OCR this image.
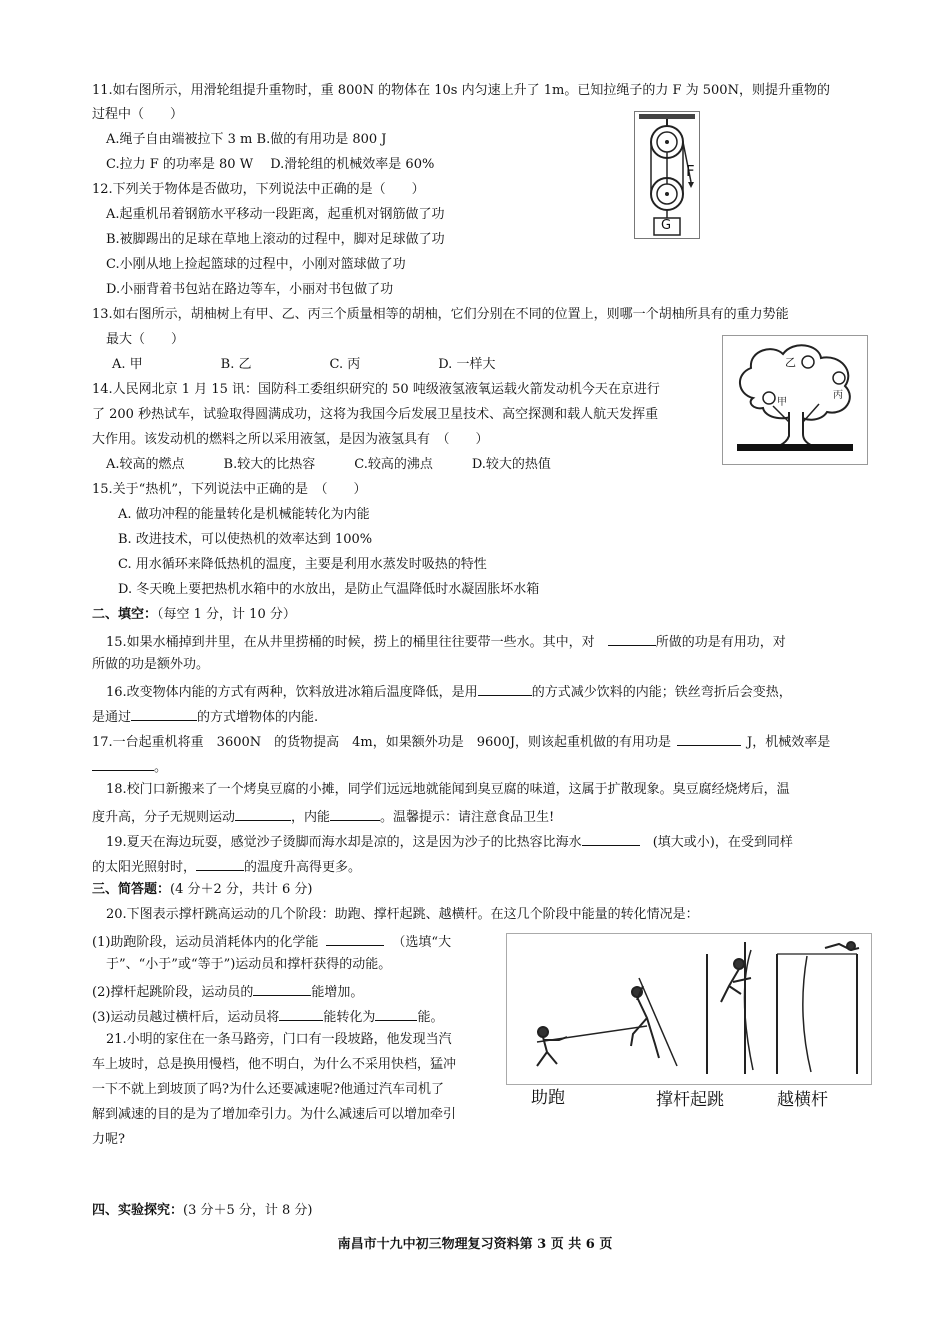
11.如右图所示，用滑轮组提升重物时，重 800N 的物体在 10s 内匀速上升了 1m。已知拉绳子的力 F 为 500N，则提升重物的
过程中（　　）
A.绳子自由端被拉下 3 m B.做的有用功是 800 J
C.拉力 F 的功率是 80 W　 D.滑轮组的机械效率是 60%	F
G
12.下列关于物体是否做功，下列说法中正确的是（　　）
A.起重机吊着钢筋水平移动一段距离，起重机对钢筋做了功
B.被脚踢出的足球在草地上滚动的过程中，脚对足球做了功
C.小刚从地上捡起篮球的过程中，小刚对篮球做了功
D.小丽背着书包站在路边等车，小丽对书包做了功
13.如右图所示，胡柚树上有甲、乙、丙三个质量相等的胡柚，它们分别在不同的位置上，则哪一个胡柚所具有的重力势能
最大（　　）
A. 甲　　　　　　B. 乙　　　　　　C. 丙　　　　　　D. 一样大	乙
甲
丙
14.人民网北京 1 月 15 讯：国防科工委组织研究的 50 吨级液氢液氧运载火箭发动机今天在京进行
了 200 秒热试车，试验取得圆满成功，这将为我国今后发展卫星技术、高空探测和载人航天发挥重
大作用。该发动机的燃料之所以采用液氢，是因为液氢具有　（　　）
A.较高的燃点　　　B.较大的比热容　　　C.较高的沸点　　　D.较大的热值
15.关于“热机”，下列说法中正确的是　（　　）
A. 做功冲程的能量转化是机械能转化为内能
B. 改进技术，可以使热机的效率达到 100%
C. 用水循环来降低热机的温度，主要是利用水蒸发时吸热的特性
D. 冬天晚上要把热机水箱中的水放出，是防止气温降低时水凝固胀坏水箱
二、填空：（每空 1 分，计 10 分）
15.如果水桶掉到井里，在从井里捞桶的时候，捞上的桶里往往要带一些水。其中，对　	所做的功是有用功，对
所做的功是额外功。
16.改变物体内能的方式有两种，饮料放进冰箱后温度降低，是用	的方式减少饮料的内能；铁丝弯折后会变热，
是通过	的方式增物体的内能.
17.一台起重机将重　3600N　的货物提高　4m，如果额外功是　9600J，则该起重机做的有用功是	J，机械效率是
。
18.校门口新搬来了一个烤臭豆腐的小摊，同学们远远地就能闻到臭豆腐的味道，这属于扩散现象。臭豆腐经烧烤后，温
度升高，分子无规则运动	，内能	。温馨提示：请注意食品卫生!
19.夏天在海边玩耍，感觉沙子烫脚而海水却是凉的，这是因为沙子的比热容比海水	　(填大或小)，在受到同样
的太阳光照射时，	的温度升高得更多。
三、简答题：(4 分＋2 分，共计 6 分)
20.下图表示撑杆跳高运动的几个阶段：助跑、撑杆起跳、越横杆。在这几个阶段中能量的转化情况是：
(1)助跑阶段，运动员消耗体内的化学能	（选填“大
于”、“小于”或“等于”)运动员和撑杆获得的动能。
(2)撑杆起跳阶段，运动员的	能增加。
(3)运动员越过横杆后，运动员将	能转化为	能。
21.小明的家住在一条马路旁，门口有一段坡路，他发现当汽
车上坡时，总是换用慢档，他不明白，为什么不采用快档，猛冲
一下不就上到坡顶了吗?为什么还要减速呢?他通过汽车司机了
解到减速的目的是为了增加牵引力。为什么减速后可以增加牵引
力呢?
助跑	撑杆起跳	越横杆
四、实验探究：(3 分＋5 分，计 8 分)
南昌市十九中初三物理复习资料第 3 页 共 6 页
